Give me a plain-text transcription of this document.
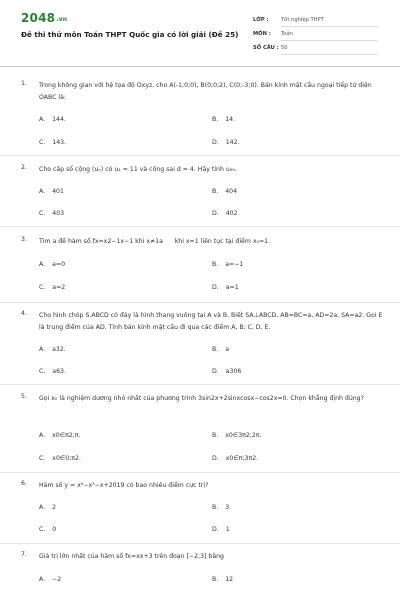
2048.vn
Đề thi thử môn Toán THPT Quốc gia có lời giải (Đề 25)
LỚP : Tốt nghiệp THPT
MÔN : Toán
SỐ CÂU : 50
1. Trong không gian với hệ tọa độ Oxyz, cho A(-1;0;0), B(0;0;2), C(0;-3;0). Bán kính mặt cầu ngoại tiếp tứ diện OABC là:
A. 144.	B. 14.
C. 143.	D. 142.
2. Cho cấp số cộng (uₙ) có u₁ = 11 và công sai d = 4. Hãy tính u₉₉.
A. 401	B. 404
C. 403	D. 402
3. Tìm a để hàm số fx=x2−1x−1 khi x≠1a      khi x=1 liên tục tại điểm x₀=1.
A. a=0	B. a=−1
C. a=2	D. a=1
4. Cho hình chóp S.ABCD có đáy là hình thang vuông tại A và B. Biết SA⊥ABCD, AB=BC=a, AD=2a, SA=a2. Gọi E là trung điểm của AD. Tính bán kính mặt cầu đi qua các điểm A, B, C, D, E.
A. a32.	B. a
C. a63.	D. a306
5. Gọi x₀ là nghiệm dương nhỏ nhất của phương trình 3sin2x+2sinxcosx−cos2x=0. Chọn khẳng định đúng?
A. x0∈π2;π.	B. x0∈3π2;2π.
C. x0∈0;π2.	D. x0∈π;3π2.
6. Hàm số y = x⁴−x³−x+2019 có bao nhiêu điểm cực trị?
A. 2	B. 3
C. 0	D. 1
7. Giá trị lớn nhất của hàm số fx=xx+3 trên đoạn [−2;3] bằng
A. −2	B. 12
